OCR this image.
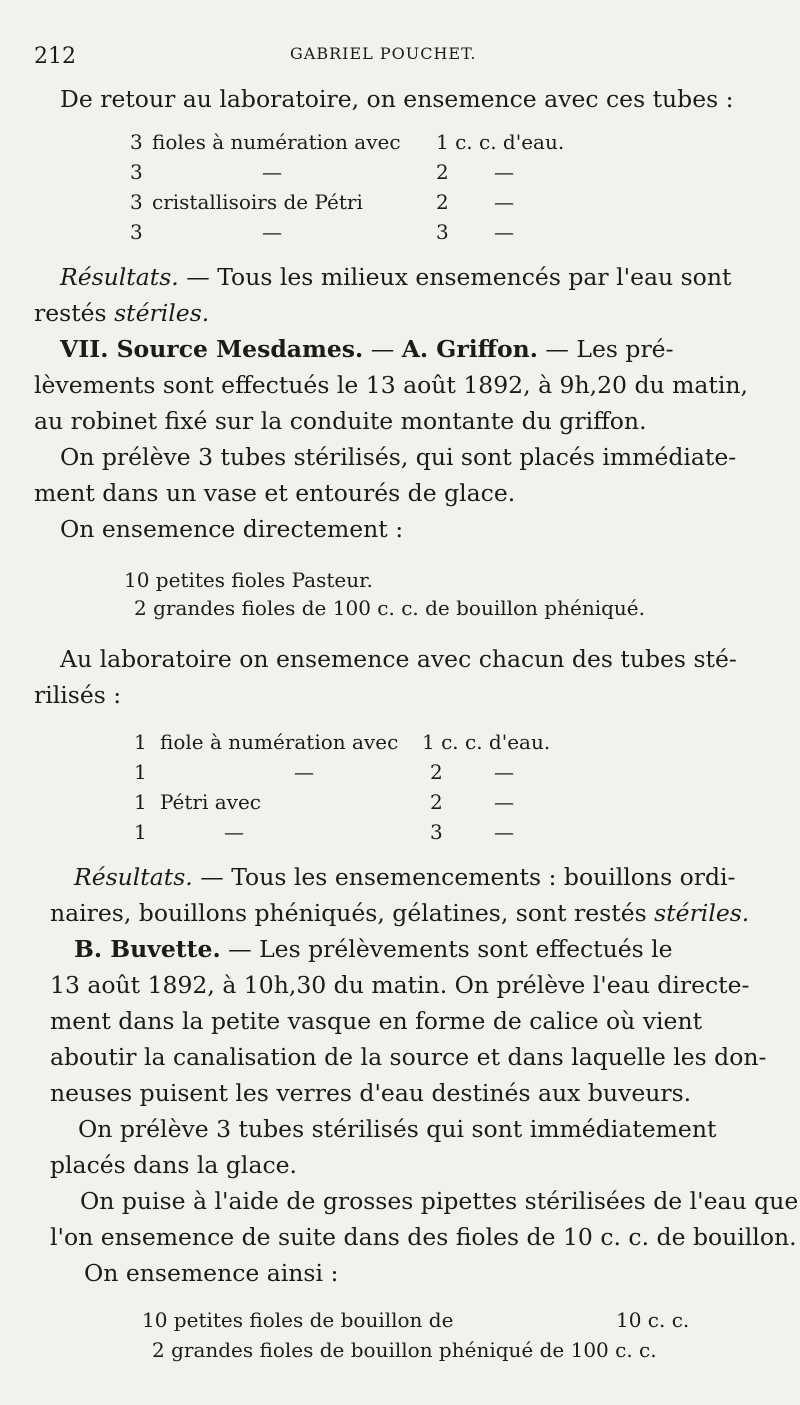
212	GABRIEL POUCHET.
De retour au laboratoire, on ensemence avec ces tubes :
3 fioles à numération avec 1 c. c. d'eau.
3	—	2 —
3 cristallisoirs de Pétri	2 —
3	—	3 —
Résultats. — Tous les milieux ensemencés par l'eau sont
restés stériles.
VII. Source Mesdames. — A. Griffon. — Les pré-
lèvements sont effectués le 13 août 1892, à 9h,20 du matin,
au robinet fixé sur la conduite montante du griffon.
On prélève 3 tubes stérilisés, qui sont placés immédiate-
ment dans un vase et entourés de glace.
On ensemence directement :
10 petites fioles Pasteur.
2 grandes fioles de 100 c. c. de bouillon phéniqué.
Au laboratoire on ensemence avec chacun des tubes sté-
rilisés :
1 fiole à numération avec 1 c. c. d'eau.
1	—	2	—
1 Pétri avec	2	—
1	—	3	—
Résultats. — Tous les ensemencements : bouillons ordi-
naires, bouillons phéniqués, gélatines, sont restés stériles.
B. Buvette. — Les prélèvements sont effectués le
13 août 1892, à 10h,30 du matin. On prélève l'eau directe-
ment dans la petite vasque en forme de calice où vient
aboutir la canalisation de la source et dans laquelle les don-
neuses puisent les verres d'eau destinés aux buveurs.
On prélève 3 tubes stérilisés qui sont immédiatement
placés dans la glace.
On puise à l'aide de grosses pipettes stérilisées de l'eau que
l'on ensemence de suite dans des fioles de 10 c. c. de bouillon.
On ensemence ainsi :
10 petites fioles de bouillon de	10 c. c.
2 grandes fioles de bouillon phéniqué de 100 c. c.
